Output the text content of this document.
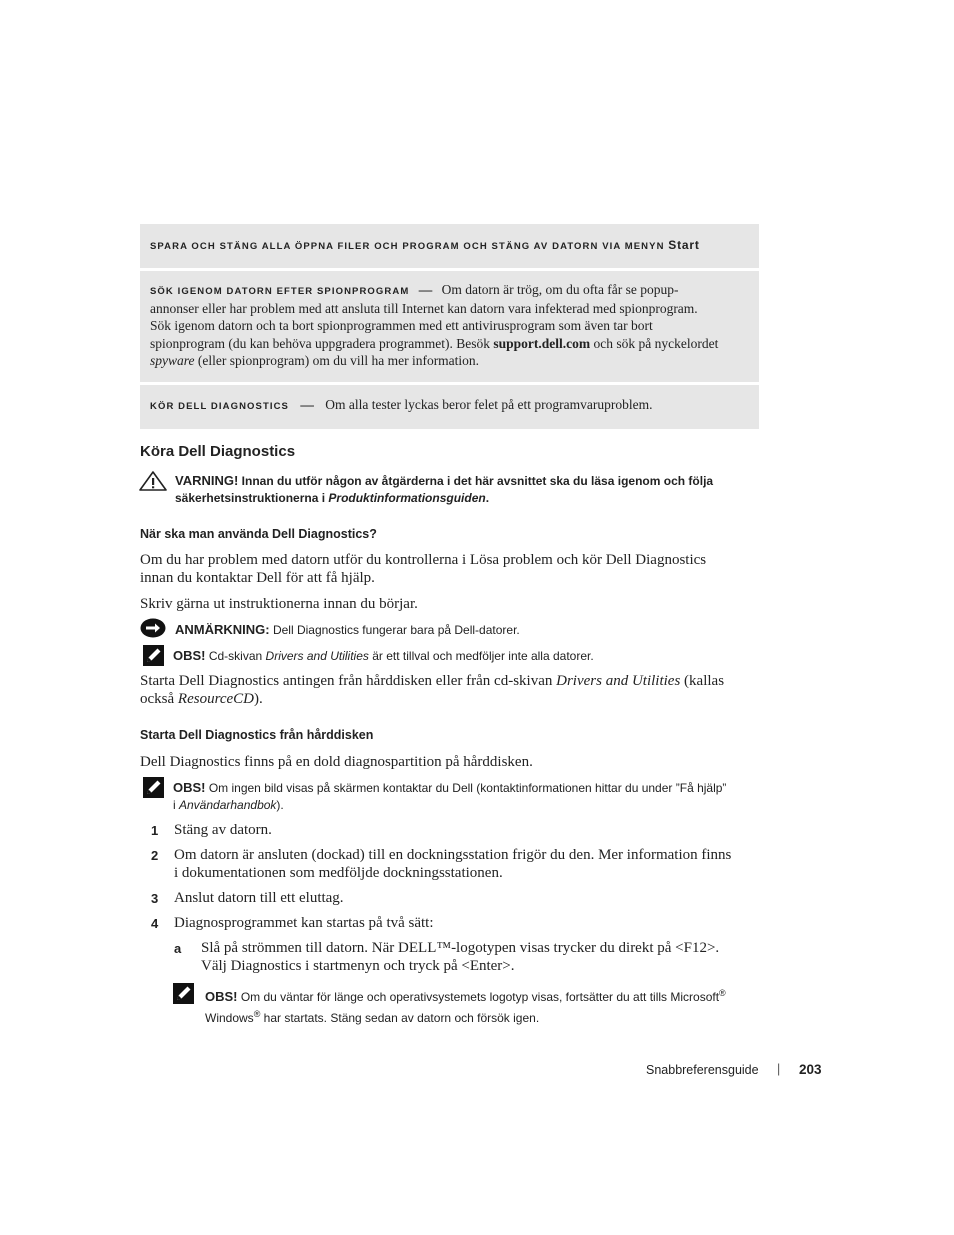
SPARA OCH STÄNG ALLA ÖPPNA FILER OCH PROGRAM OCH STÄNG AV DATORN VIA MENYN Start
SÖK IGENOM DATORN EFTER SPIONPROGRAM — Om datorn är trög, om du ofta får se popup-
annonser eller har problem med att ansluta till Internet kan datorn vara infekterad med spionprogram.
Sök igenom datorn och ta bort spionprogrammen med ett antivirusprogram som även tar bort
spionprogram (du kan behöva uppgradera programmet). Besök support.dell.com och sök på nyckelordet
spyware (eller spionprogram) om du vill ha mer information.
KÖR DELL DIAGNOSTICS — Om alla tester lyckas beror felet på ett programvaruproblem.
Köra Dell Diagnostics
VARNING! Innan du utför någon av åtgärderna i det här avsnittet ska du läsa igenom och följa
säkerhetsinstruktionerna i Produktinformationsguiden.
När ska man använda Dell Diagnostics?
Om du har problem med datorn utför du kontrollerna i Lösa problem och kör Dell Diagnostics
innan du kontaktar Dell för att få hjälp.
Skriv gärna ut instruktionerna innan du börjar.
ANMÄRKNING: Dell Diagnostics fungerar bara på Dell-datorer.
OBS! Cd-skivan Drivers and Utilities är ett tillval och medföljer inte alla datorer.
Starta Dell Diagnostics antingen från hårddisken eller från cd-skivan Drivers and Utilities (kallas
också ResourceCD).
Starta Dell Diagnostics från hårddisken
Dell Diagnostics finns på en dold diagnospartition på hårddisken.
OBS! Om ingen bild visas på skärmen kontaktar du Dell (kontaktinformationen hittar du under ”Få hjälp”
i Användarhandbok).
1 Stäng av datorn.
2 Om datorn är ansluten (dockad) till en dockningsstation frigör du den. Mer information finns
i dokumentationen som medföljde dockningsstationen.
3 Anslut datorn till ett eluttag.
4 Diagnosprogrammet kan startas på två sätt:
a Slå på strömmen till datorn. När DELL™-logotypen visas trycker du direkt på <F12>.
Välj Diagnostics i startmenyn och tryck på <Enter>.
OBS! Om du väntar för länge och operativsystemets logotyp visas, fortsätter du att tills Microsoft®
Windows® har startats. Stäng sedan av datorn och försök igen.
Snabbreferensguide | 203
